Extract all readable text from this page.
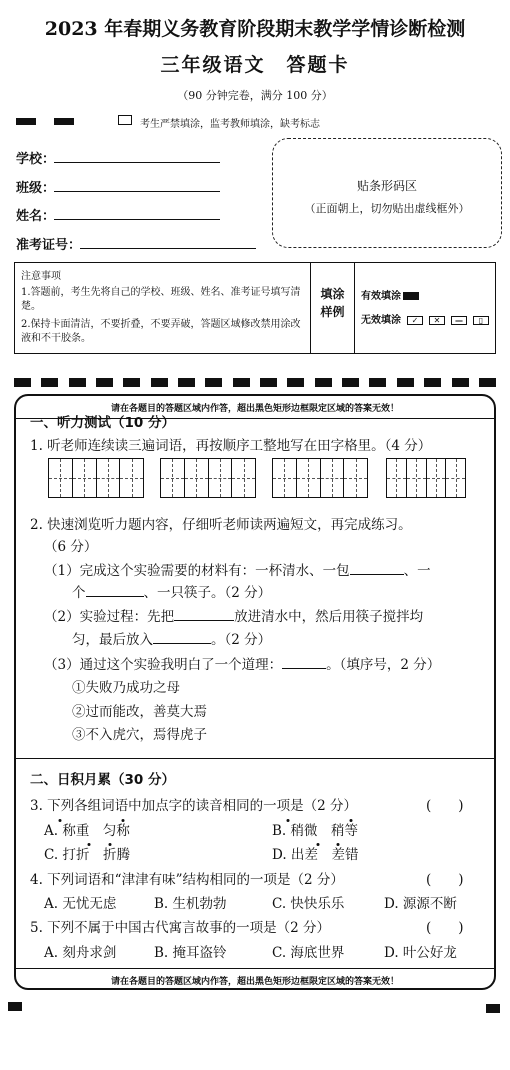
2023 年春期义务教育阶段期末教学学情诊断检测
三年级语文　答题卡
（90 分钟完卷，满分 100 分）
考生严禁填涂，监考教师填涂，缺考标志
学校：
班级：
姓名：
准考证号：
贴条形码区
（正面朝上，切勿贴出虚线框外）
注意事项
1.答题前，考生先将自己的学校、班级、姓名、准考证号填写清楚。
2.保持卡面清洁，不要折叠，不要弄破，答题区域修改禁用涂改液和不干胶条。
填涂
样例
有效填涂
无效填涂 ✓ ✕ — ▯
请在各题目的答题区域内作答，超出黑色矩形边框限定区域的答案无效！
一、听力测试（10 分）
1. 听老师连续读三遍词语，再按顺序工整地写在田字格里。（4 分）
2. 快速浏览听力题内容，仔细听老师读两遍短文，再完成练习。
（6 分）
（1）完成这个实验需要的材料有：一杯清水、一包	、一
个	、一只筷子。（2 分）
（2）实验过程：先把	放进清水中，然后用筷子搅拌均
匀，最后放入	。（2 分）
（3）通过这个实验我明白了一个道理：	。（填序号，2 分）
①失败乃成功之母
②过而能改，善莫大焉
③不入虎穴，焉得虎子
二、日积月累（30 分）
3. 下列各组词语中加点字的读音相同的一项是（2 分）	(　　)
A. 称重　匀称	B. 稍微　稍等
C. 打折　折腾	D. 出差　差错
4. 下列词语和“津津有味”结构相同的一项是（2 分）	(　　)
A. 无忧无虑	B. 生机勃勃	C. 快快乐乐	D. 源源不断
5. 下列不属于中国古代寓言故事的一项是（2 分）	(　　)
A. 刻舟求剑	B. 掩耳盗铃	C. 海底世界	D. 叶公好龙
请在各题目的答题区域内作答，超出黑色矩形边框限定区域的答案无效！
